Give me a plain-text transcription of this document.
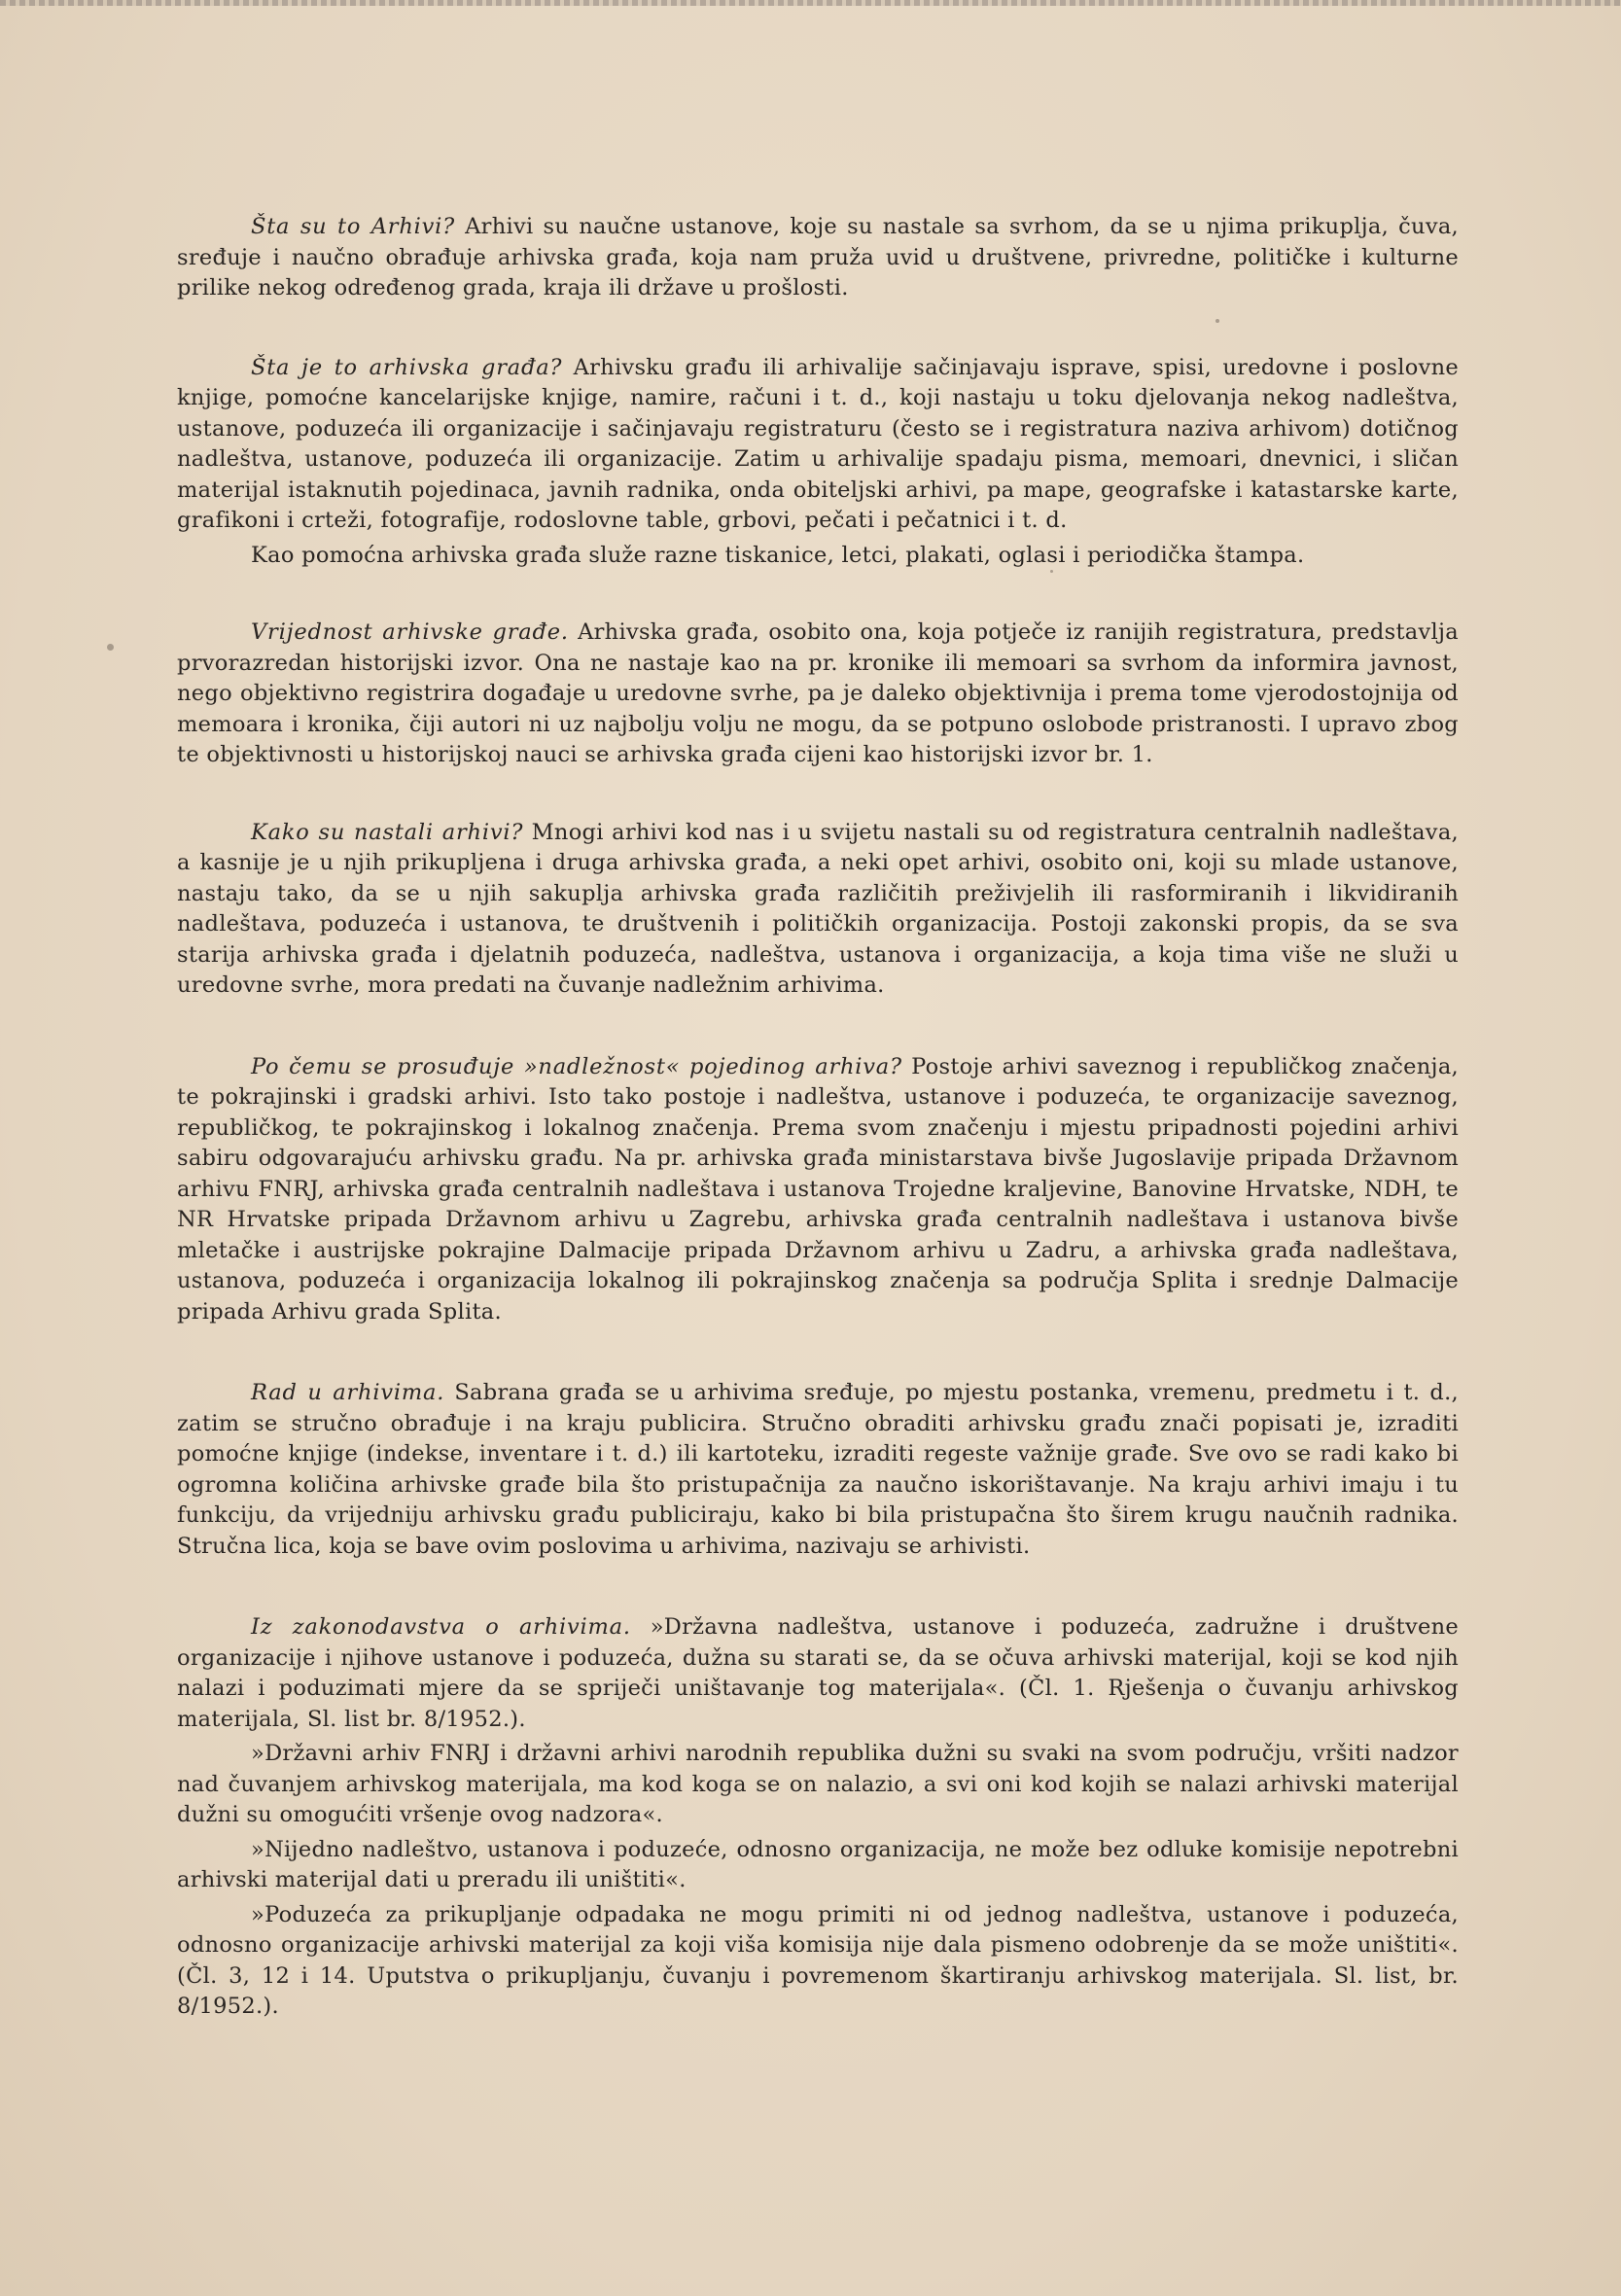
Šta su to Arhivi? Arhivi su naučne ustanove, koje su nastale sa svrhom, da se u njima prikuplja, čuva, sređuje i naučno obrađuje arhivska građa, koja nam pruža uvid u društvene, privredne, političke i kulturne prilike nekog određenog grada, kraja ili države u prošlosti.

Šta je to arhivska građa? Arhivsku građu ili arhivalije sačinjavaju isprave, spisi, uredovne i poslovne knjige, pomoćne kancelarijske knjige, namire, računi i t. d., koji nastaju u toku djelovanja nekog nadleštva, ustanove, poduzeća ili organizacije i sačinjavaju registraturu (često se i registratura naziva arhivom) dotičnog nadleštva, ustanove, poduzeća ili organizacije. Zatim u arhivalije spadaju pisma, memoari, dnevnici, i sličan materijal istaknutih pojedinaca, javnih radnika, onda obiteljski arhivi, pa mape, geografske i katastarske karte, grafikoni i crteži, fotografije, rodoslovne table, grbovi, pečati i pečatnici i t. d.

Kao pomoćna arhivska građa služe razne tiskanice, letci, plakati, oglasi i periodička štampa.

Vrijednost arhivske građe. Arhivska građa, osobito ona, koja potječe iz ranijih registratura, predstavlja prvorazredan historijski izvor. Ona ne nastaje kao na pr. kronike ili memoari sa svrhom da informira javnost, nego objektivno registrira događaje u uredovne svrhe, pa je daleko objektivnija i prema tome vjerodostojnija od memoara i kronika, čiji autori ni uz najbolju volju ne mogu, da se potpuno oslobode pristranosti. I upravo zbog te objektivnosti u historijskoj nauci se arhivska građa cijeni kao historijski izvor br. 1.

Kako su nastali arhivi? Mnogi arhivi kod nas i u svijetu nastali su od registratura centralnih nadleštava, a kasnije je u njih prikupljena i druga arhivska građa, a neki opet arhivi, osobito oni, koji su mlade ustanove, nastaju tako, da se u njih sakuplja arhivska građa različitih preživjelih ili rasformiranih i likvidiranih nadleštava, poduzeća i ustanova, te društvenih i političkih organizacija. Postoji zakonski propis, da se sva starija arhivska građa i djelatnih poduzeća, nadleštva, ustanova i organizacija, a koja tima više ne služi u uredovne svrhe, mora predati na čuvanje nadležnim arhivima.

Po čemu se prosuđuje »nadležnost« pojedinog arhiva? Postoje arhivi saveznog i republičkog značenja, te pokrajinski i gradski arhivi. Isto tako postoje i nadleštva, ustanove i poduzeća, te organizacije saveznog, republičkog, te pokrajinskog i lokalnog značenja. Prema svom značenju i mjestu pripadnosti pojedini arhivi sabiru odgovarajuću arhivsku građu. Na pr. arhivska građa ministarstava bivše Jugoslavije pripada Državnom arhivu FNRJ, arhivska građa centralnih nadleštava i ustanova Trojedne kraljevine, Banovine Hrvatske, NDH, te NR Hrvatske pripada Državnom arhivu u Zagrebu, arhivska građa centralnih nadleštava i ustanova bivše mletačke i austrijske pokrajine Dalmacije pripada Državnom arhivu u Zadru, a arhivska građa nadleštava, ustanova, poduzeća i organizacija lokalnog ili pokrajinskog značenja sa područja Splita i srednje Dalmacije pripada Arhivu grada Splita.

Rad u arhivima. Sabrana građa se u arhivima sređuje, po mjestu postanka, vremenu, predmetu i t. d., zatim se stručno obrađuje i na kraju publicira. Stručno obraditi arhivsku građu znači popisati je, izraditi pomoćne knjige (indekse, inventare i t. d.) ili kartoteku, izraditi regeste važnije građe. Sve ovo se radi kako bi ogromna količina arhivske građe bila što pristupačnija za naučno iskorištavanje. Na kraju arhivi imaju i tu funkciju, da vrijedniju arhivsku građu publiciraju, kako bi bila pristupačna što širem krugu naučnih radnika. Stručna lica, koja se bave ovim poslovima u arhivima, nazivaju se arhivisti.

Iz zakonodavstva o arhivima. »Državna nadleštva, ustanove i poduzeća, zadružne i društvene organizacije i njihove ustanove i poduzeća, dužna su starati se, da se očuva arhivski materijal, koji se kod njih nalazi i poduzimati mjere da se spriječi uništavanje tog materijala«. (Čl. 1. Rješenja o čuvanju arhivskog materijala, Sl. list br. 8/1952.).

»Državni arhiv FNRJ i državni arhivi narodnih republika dužni su svaki na svom području, vršiti nadzor nad čuvanjem arhivskog materijala, ma kod koga se on nalazio, a svi oni kod kojih se nalazi arhivski materijal dužni su omogućiti vršenje ovog nadzora«.

»Nijedno nadleštvo, ustanova i poduzeće, odnosno organizacija, ne može bez odluke komisije nepotrebni arhivski materijal dati u preradu ili uništiti«.

»Poduzeća za prikupljanje odpadaka ne mogu primiti ni od jednog nadleštva, ustanove i poduzeća, odnosno organizacije arhivski materijal za koji viša komisija nije dala pismeno odobrenje da se može uništiti«. (Čl. 3, 12 i 14. Uputstva o prikupljanju, čuvanju i povremenom škartiranju arhivskog materijala. Sl. list, br. 8/1952.).
